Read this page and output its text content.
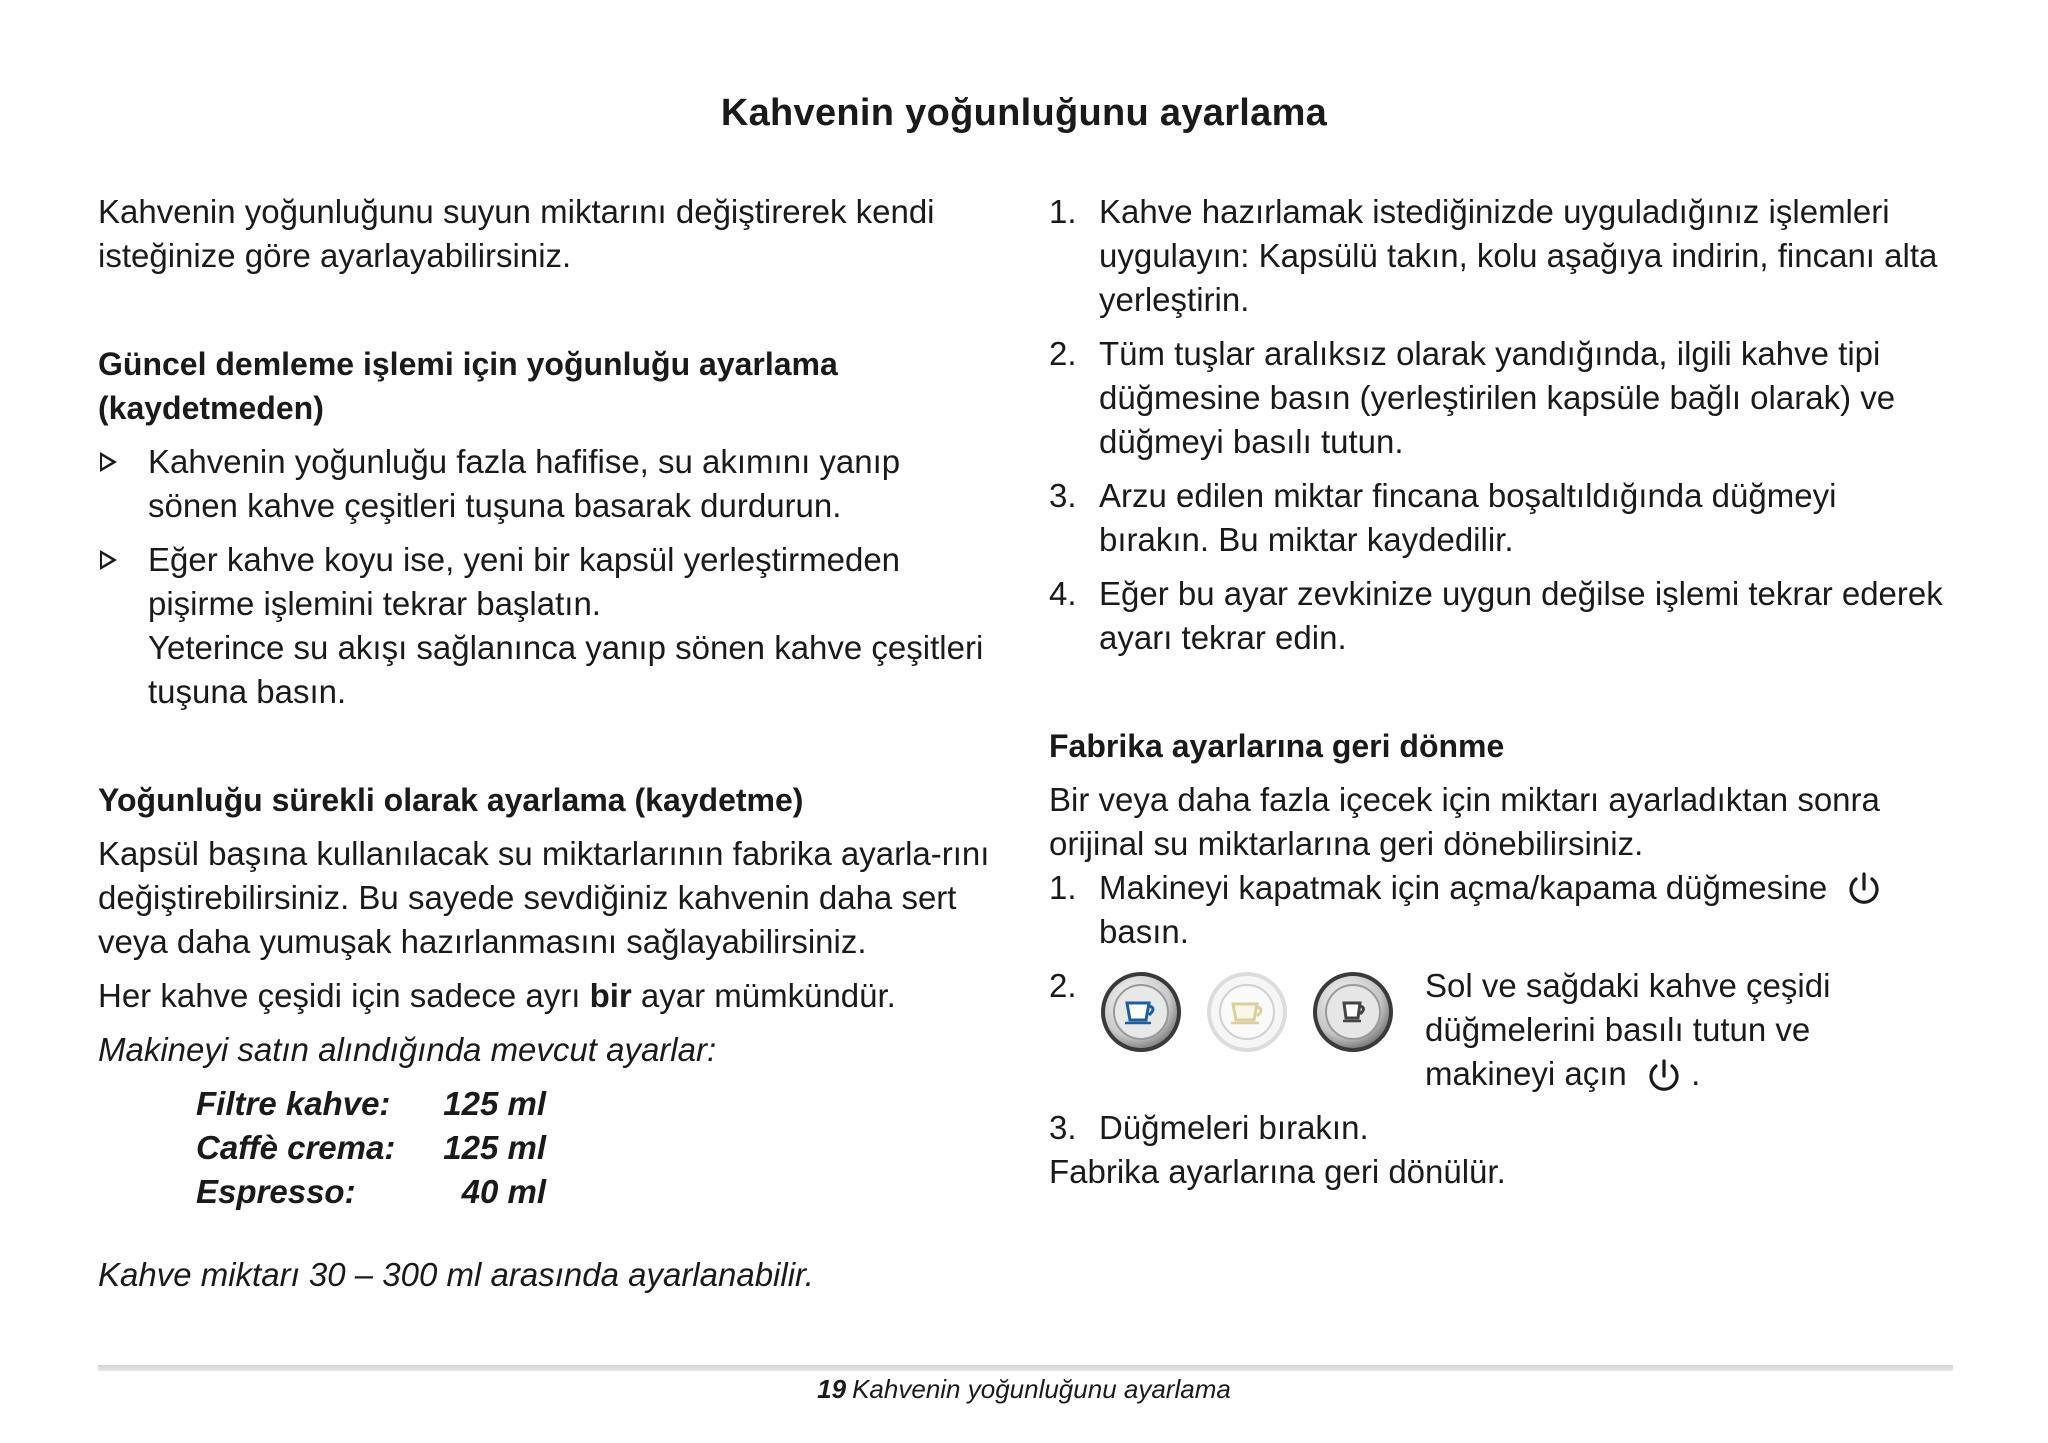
Kahvenin yoğunluğunu ayarlama

Kahvenin yoğunluğunu suyun miktarını değiştirerek kendi isteğinize göre ayarlayabilirsiniz.

Güncel demleme işlemi için yoğunluğu ayarlama (kaydetmeden)
Kahvenin yoğunluğu fazla hafifise, su akımını yanıp sönen kahve çeşitleri tuşuna basarak durdurun.
Eğer kahve koyu ise, yeni bir kapsül yerleştirmeden pişirme işlemini tekrar başlatın.
Yeterince su akışı sağlanınca yanıp sönen kahve çeşitleri tuşuna basın.
Yoğunluğu sürekli olarak ayarlama (kaydetme)

Kapsül başına kullanılacak su miktarlarının fabrika ayarla-rını değiştirebilirsiniz. Bu sayede sevdiğiniz kahvenin daha sert veya daha yumuşak hazırlanmasını sağlayabilirsiniz.

Her kahve çeşidi için sadece ayrı bir ayar mümkündür.

Makineyi satın alındığında mevcut ayarlar:

Filtre kahve:	125 ml
Caffè crema:	125 ml
Espresso:	40 ml

Kahve miktarı 30 – 300 ml arasında ayarlanabilir.

1. Kahve hazırlamak istediğinizde uyguladığınız işlemleri uygulayın: Kapsülü takın, kolu aşağıya indirin, fincanı alta yerleştirin.
2. Tüm tuşlar aralıksız olarak yandığında, ilgili kahve tipi düğmesine basın (yerleştirilen kapsüle bağlı olarak) ve düğmeyi basılı tutun.
3. Arzu edilen miktar fincana boşaltıldığında düğmeyi bırakın. Bu miktar kaydedilir.
4. Eğer bu ayar zevkinize uygun değilse işlemi tekrar ederek ayarı tekrar edin.
Fabrika ayarlarına geri dönme

Bir veya daha fazla içecek için miktarı ayarladıktan sonra orijinal su miktarlarına geri dönebilirsiniz.

1. Makineyi kapatmak için açma/kapama düğmesine
basın.
2.	Sol ve sağdaki kahve çeşidi düğmelerini basılı tutun ve makineyi açın .
3. Düğmeleri bırakın.

Fabrika ayarlarına geri dönülür.

19 Kahvenin yoğunluğunu ayarlama
